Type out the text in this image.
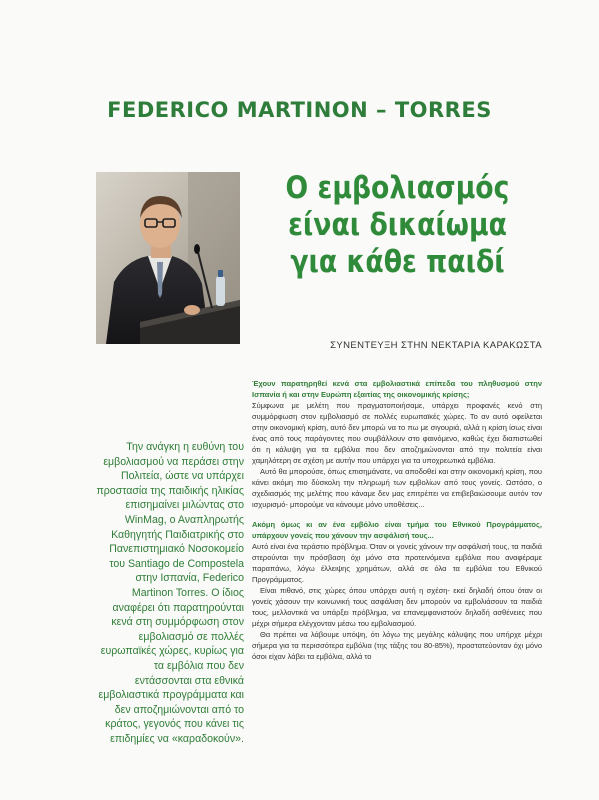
FEDERICO MARTINON – TORRES
Ο εμβολιασμός
είναι δικαίωμα
για κάθε παιδί
ΣΥΝΕΝΤΕΥΞΗ ΣΤΗΝ ΝΕΚΤΑΡΙΑ ΚΑΡΑΚΩΣΤΑ
Την ανάγκη η ευθύνη του εμβολιασμού να περάσει στην Πολιτεία, ώστε να υπάρχει προστασία της παιδικής ηλικίας επισημαίνει μιλώντας στο WinMag, ο Αναπληρωτής Καθηγητής Παιδιατρικής στο Πανεπιστημιακό Νοσοκομείο του Santiago de Compostela στην Ισπανία, Federico Martinon Torres. Ο ίδιος αναφέρει ότι παρατηρούνται κενά στη συμμόρφωση στον εμβολιασμό σε πολλές ευρωπαϊκές χώρες, κυρίως για τα εμβόλια που δεν εντάσσονται στα εθνικά εμβολιαστικά προγράμματα και δεν αποζημιώνονται από το κράτος, γεγονός που κάνει τις επιδημίες να «καραδοκούν».

Έχουν παρατηρηθεί κενά στα εμβολιαστικά επίπεδα του πληθυσμού στην Ισπανία ή και στην Ευρώπη εξαιτίας της οικονομικής κρίσης;

Σύμφωνα με μελέτη που πραγματοποιήσαμε, υπάρχει προφανές κενό στη συμμόρφωση στον εμβολιασμό σε πολλές ευρωπαϊκές χώρες. Το αν αυτό οφείλεται στην οικονομική κρίση, αυτό δεν μπορώ να το πω με σιγουριά, αλλά η κρίση ίσως είναι ένας από τους παράγοντες που συμβάλλουν στο φαινόμενο, καθώς έχει διαπιστωθεί ότι η κάλυψη για τα εμβόλια που δεν αποζημιώνονται από την πολιτεία είναι χαμηλότερη σε σχέση με αυτήν που υπάρχει για τα υποχρεωτικά εμβόλια.

Αυτό θα μπορούσε, όπως επισημάνατε, να αποδοθεί και στην οικονομική κρίση, που κάνει ακόμη πιο δύσκολη την πληρωμή των εμβολίων από τους γονείς. Ωστόσο, ο σχεδιασμός της μελέτης που κάναμε δεν μας επιτρέπει να επιβεβαιώσουμε αυτόν τον ισχυρισμό- μπορούμε να κάνουμε μόνο υποθέσεις...

Ακόμη όμως κι αν ένα εμβόλιο είναι τμήμα του Εθνικού Προγράμματος, υπάρχουν γονείς που χάνουν την ασφάλισή τους...

Αυτό είναι ένα τεράστιο πρόβλημα. Όταν οι γονείς χάνουν την ασφάλισή τους, τα παιδιά στερούνται την πρόσβαση όχι μόνο στα προτεινόμενα εμβόλια που αναφέραμε παραπάνω, λόγω έλλειψης χρημάτων, αλλά σε όλα τα εμβόλια του Εθνικού Προγράμματος.

Είναι πιθανό, στις χώρες όπου υπάρχει αυτή η σχέση- εκεί δηλαδή όπου όταν οι γονείς χάσουν την κοινωνική τους ασφάλιση δεν μπορούν να εμβολιάσουν τα παιδιά τους, μελλοντικά να υπάρξει πρόβλημα, να επανεμφανιστούν δηλαδή ασθένειες που μέχρι σήμερα ελέγχονταν μέσω του εμβολιασμού.

Θα πρέπει να λάβουμε υπόψη, ότι λόγω της μεγάλης κάλυψης που υπήρχε μέχρι σήμερα για τα περισσότερα εμβόλια (της τάξης του 80-85%), προστατεύονταν όχι μόνο όσοι είχαν λάβει τα εμβόλια, αλλά το
